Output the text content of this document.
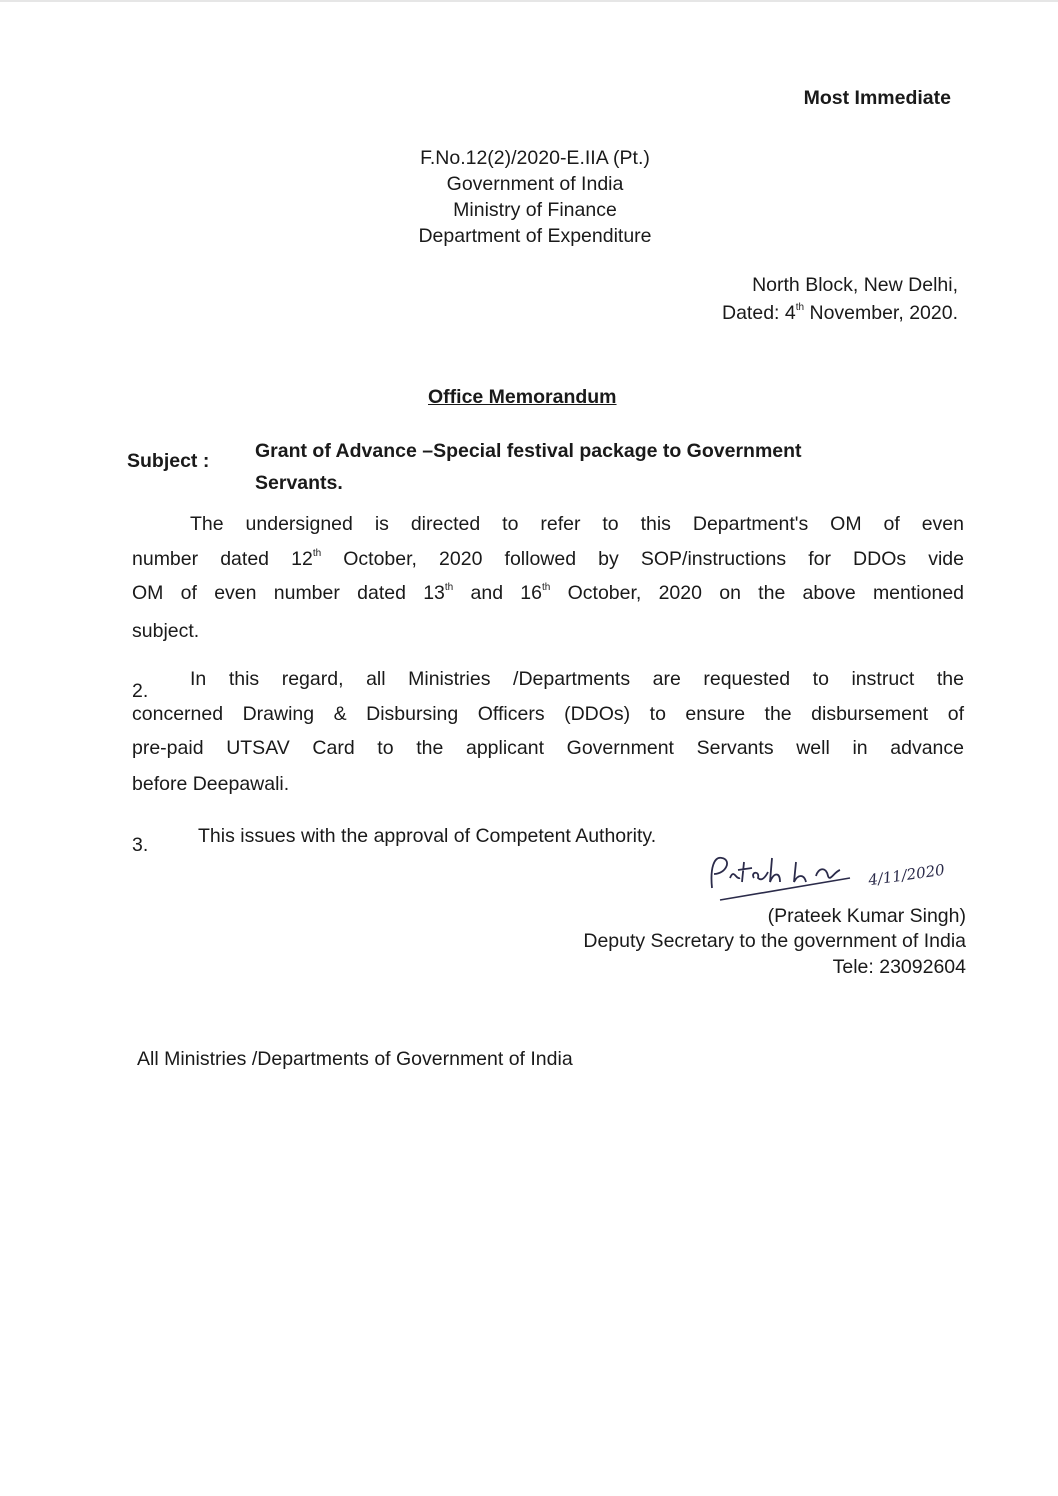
Most Immediate
F.No.12(2)/2020-E.IIA (Pt.)
Government of India
Ministry of Finance
Department of Expenditure
North Block, New Delhi,
Dated: 4th November, 2020.
Office Memorandum
Subject : Grant of Advance –Special festival package to Government
Servants.
The undersigned is directed to refer to this Department's OM of even
number dated 12th October, 2020 followed by SOP/instructions for DDOs vide
OM of even number dated 13th and 16th October, 2020 on the above mentioned
subject.
2.
In this regard, all Ministries /Departments are requested to instruct the
concerned Drawing & Disbursing Officers (DDOs) to ensure the disbursement of
pre-paid UTSAV Card to the applicant Government Servants well in advance
before Deepawali.
3.	This issues with the approval of Competent Authority.
4/11/2020
(Prateek Kumar Singh)
Deputy Secretary to the government of India
Tele: 23092604
All Ministries /Departments of Government of India
